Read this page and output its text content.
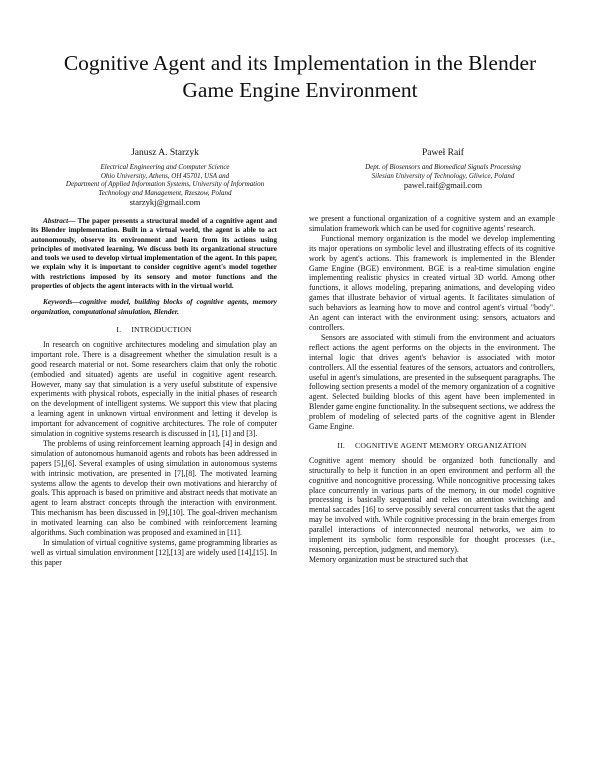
Cognitive Agent and its Implementation in the Blender Game Engine Environment
Janusz A. Starzyk
Electrical Engineering and Computer Science
Ohio University, Athens, OH 45701, USA and
Department of Applied Information Systems, University of Information
Technology and Management, Rzeszow, Poland
starzykj@gmail.com
Paweł Raif
Dept. of Biosensors and Biomedical Signals Processing
Silesian University of Technology, Gliwice, Poland
pawel.raif@gmail.com

Abstract— The paper presents a structural model of a cognitive agent and its Blender implementation. Built in a virtual world, the agent is able to act autonomously, observe its environment and learn from its actions using principles of motivated learning. We discuss both its organizational structure and tools we used to develop virtual implementation of the agent. In this paper, we explain why it is important to consider cognitive agent's model together with restrictions imposed by its sensory and motor functions and the properties of objects the agent interacts with in the virtual world.

Keywords—cognitive model, building blocks of cognitive agents, memory organization, computational simulation, Blender.

I. INTRODUCTION

In research on cognitive architectures modeling and simulation play an important role. There is a disagreement whether the simulation result is a good research material or not. Some researchers claim that only the robotic (embodied and situated) agents are useful in cognitive agent research. However, many say that simulation is a very useful substitute of expensive experiments with physical robots, especially in the initial phases of research on the development of intelligent systems. We support this view that placing a learning agent in unknown virtual environment and letting it develop is important for advancement of cognitive architectures. The role of computer simulation in cognitive systems research is discussed in [1], [1] and [3].

The problems of using reinforcement learning approach [4] in design and simulation of autonomous humanoid agents and robots has been addressed in papers [5],[6]. Several examples of using simulation in autonomous systems with intrinsic motivation, are presented in [7],[8]. The motivated learning systems allow the agents to develop their own motivations and hierarchy of goals. This approach is based on primitive and abstract needs that motivate an agent to learn abstract concepts through the interaction with environment. This mechanism has been discussed in [9],[10]. The goal-driven mechanism in motivated learning can also be combined with reinforcement learning algorithms. Such combination was proposed and examined in [11].

In simulation of virtual cognitive systems, game programming libraries as well as virtual simulation environment [12],[13] are widely used [14],[15]. In this paper

we present a functional organization of a cognitive system and an example simulation framework which can be used for cognitive agents' research.

Functional memory organization is the model we develop implementing its major operations on symbolic level and illustrating effects of its cognitive work by agent's actions. This framework is implemented in the Blender Game Engine (BGE) environment. BGE is a real-time simulation engine implementing realistic physics in created virtual 3D world. Among other functions, it allows modeling, preparing animations, and developing video games that illustrate behavior of virtual agents. It facilitates simulation of such behaviors as learning how to move and control agent's virtual "body". An agent can interact with the environment using: sensors, actuators and controllers.

Sensors are associated with stimuli from the environment and actuators reflect actions the agent performs on the objects in the environment. The internal logic that drives agent's behavior is associated with motor controllers. All the essential features of the sensors, actuators and controllers, useful in agent's simulations, are presented in the subsequent paragraphs. The following section presents a model of the memory organization of a cognitive agent. Selected building blocks of this agent have been implemented in Blender game engine functionality. In the subsequent sections, we address the problem of modeling of selected parts of the cognitive agent in Blender Game Engine.

II. COGNITIVE AGENT MEMORY ORGANIZATION

Cognitive agent memory should be organized both functionally and structurally to help it function in an open environment and perform all the cognitive and noncognitive processing. While noncognitive processing takes place concurrently in various parts of the memory, in our model cognitive processing is basically sequential and relies on attention switching and mental saccades [16] to serve possibly several concurrent tasks that the agent may be involved with. While cognitive processing in the brain emerges from parallel interactions of interconnected neuronal networks, we aim to implement its symbolic form responsible for thought processes (i.e., reasoning, perception, judgment, and memory).

Memory organization must be structured such that
